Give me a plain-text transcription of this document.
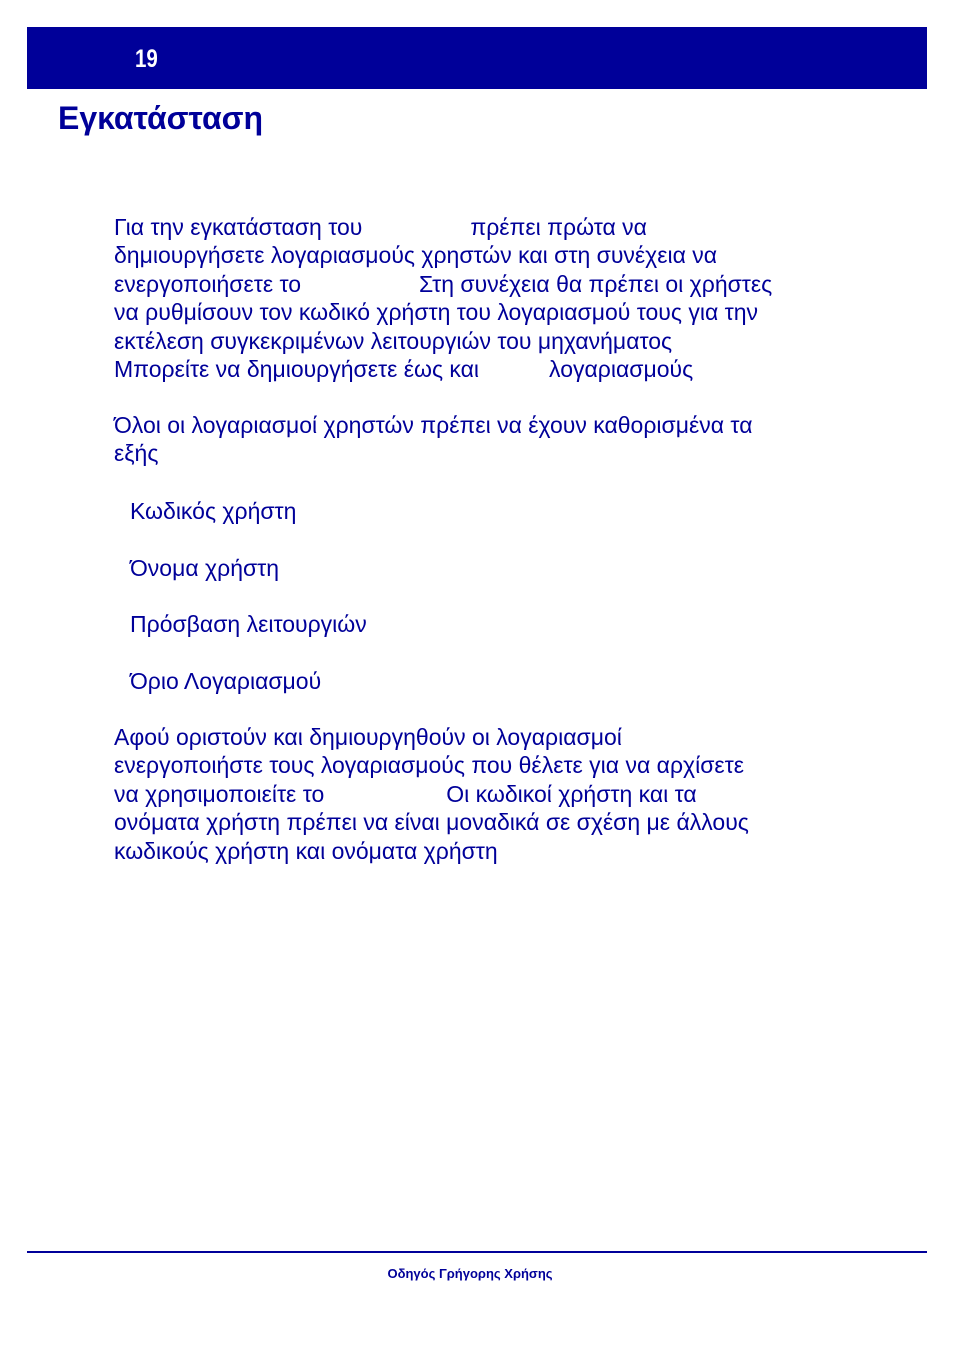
19
Εγκατάσταση

Για την εγκατάσταση του	πρέπει πρώτα να
δημιουργήσετε λογαριασμούς χρηστών και στη συνέχεια να
ενεργοποιήσετε το	Στη συνέχεια θα πρέπει οι χρήστες
να ρυθμίσουν τον κωδικό χρήστη του λογαριασμού τους για την
εκτέλεση συγκεκριμένων λειτουργιών του μηχανήματος
Μπορείτε να δημιουργήσετε έως και	λογαριασμούς

Όλοι οι λογαριασμοί χρηστών πρέπει να έχουν καθορισμένα τα
εξής

Κωδικός χρήστη
Όνομα χρήστη
Πρόσβαση λειτουργιών
Όριο Λογαριασμού

Αφού οριστούν και δημιουργηθούν οι λογαριασμοί
ενεργοποιήστε τους λογαριασμούς που θέλετε για να αρχίσετε
να χρησιμοποιείτε το	Οι κωδικοί χρήστη και τα
ονόματα χρήστη πρέπει να είναι μοναδικά σε σχέση με άλλους
κωδικούς χρήστη και ονόματα χρήστη

Οδηγός Γρήγορης Χρήσης
